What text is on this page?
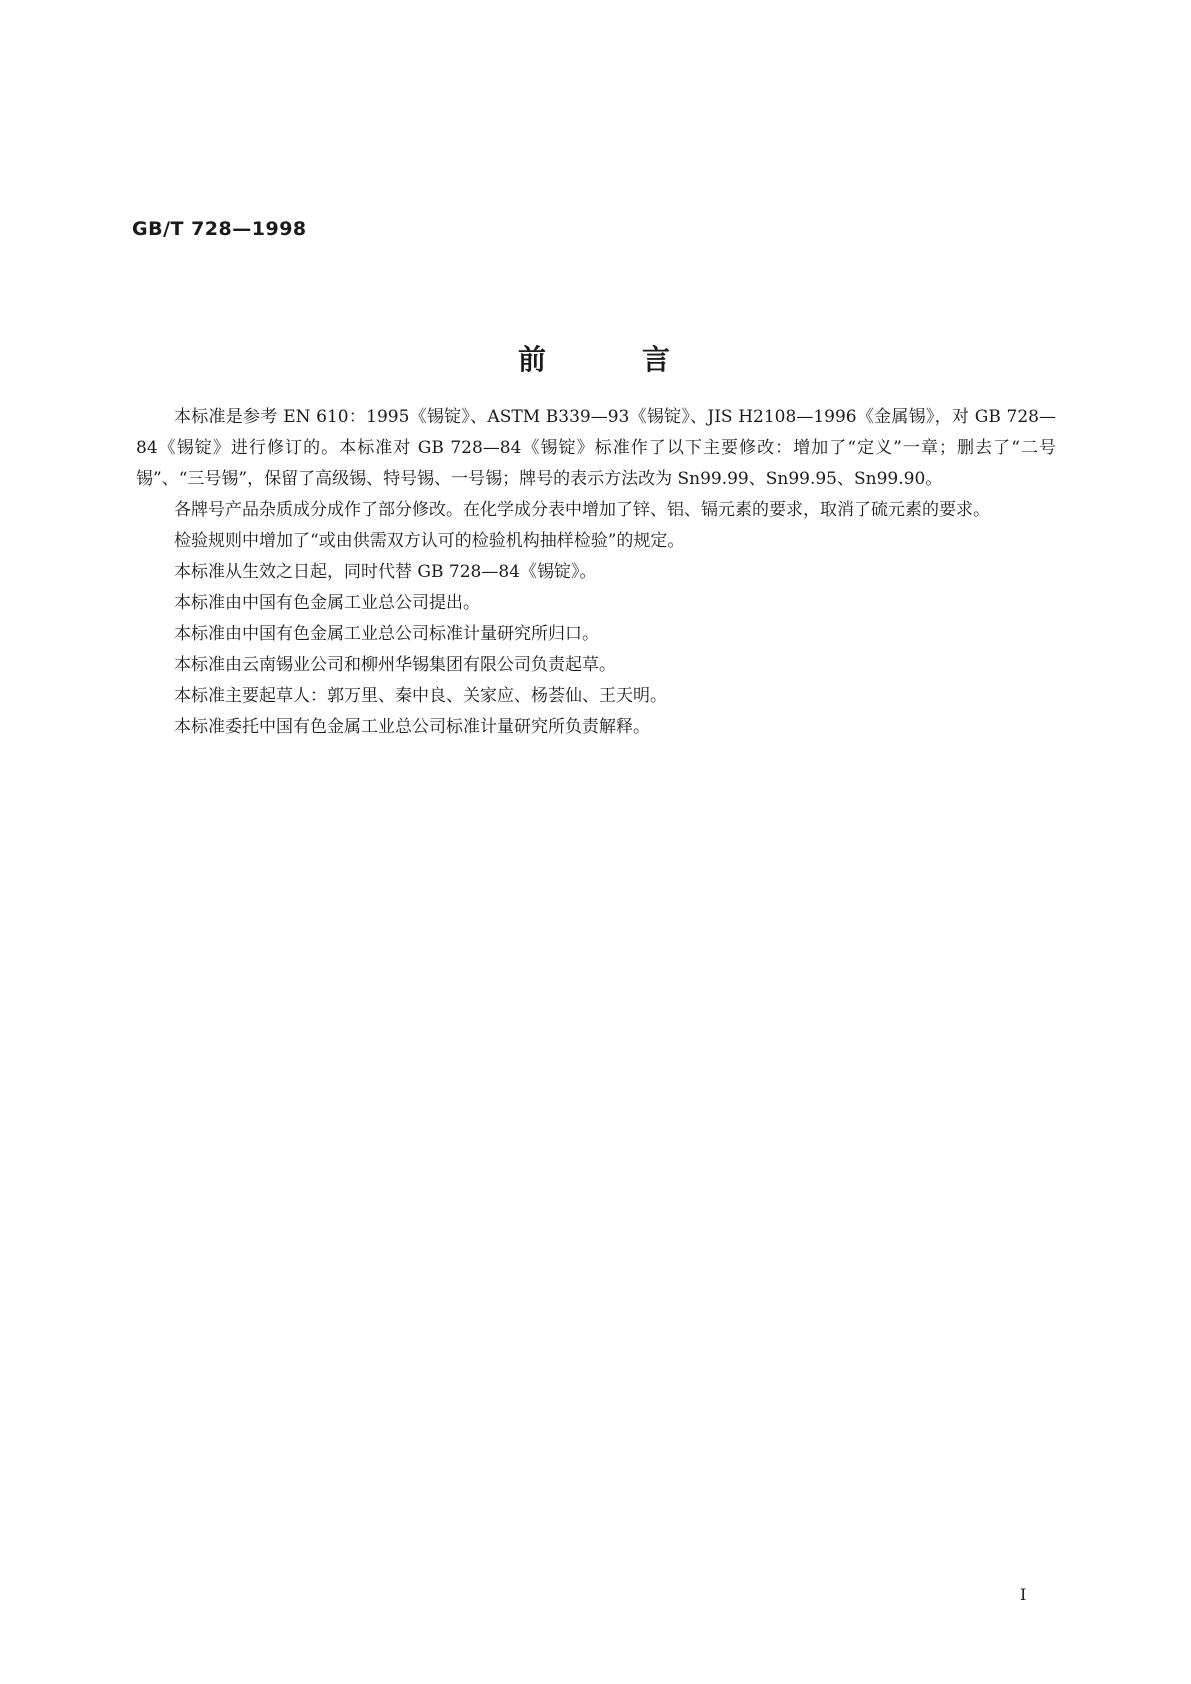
GB/T 728—1998
前	言

本标准是参考 EN 610：1995《锡锭》、ASTM B339—93《锡锭》、JIS H2108—1996《金属锡》，对 GB 728—84《锡锭》进行修订的。本标准对 GB 728—84《锡锭》标准作了以下主要修改：增加了“定义”一章；删去了“二号锡”、“三号锡”，保留了高级锡、特号锡、一号锡；牌号的表示方法改为 Sn99.99、Sn99.95、Sn99.90。

各牌号产品杂质成分成作了部分修改。在化学成分表中增加了锌、铝、镉元素的要求，取消了硫元素的要求。

检验规则中增加了“或由供需双方认可的检验机构抽样检验”的规定。

本标准从生效之日起，同时代替 GB 728—84《锡锭》。

本标准由中国有色金属工业总公司提出。

本标准由中国有色金属工业总公司标准计量研究所归口。

本标准由云南锡业公司和柳州华锡集团有限公司负责起草。

本标准主要起草人：郭万里、秦中良、关家应、杨荟仙、王天明。

本标准委托中国有色金属工业总公司标准计量研究所负责解释。

I
